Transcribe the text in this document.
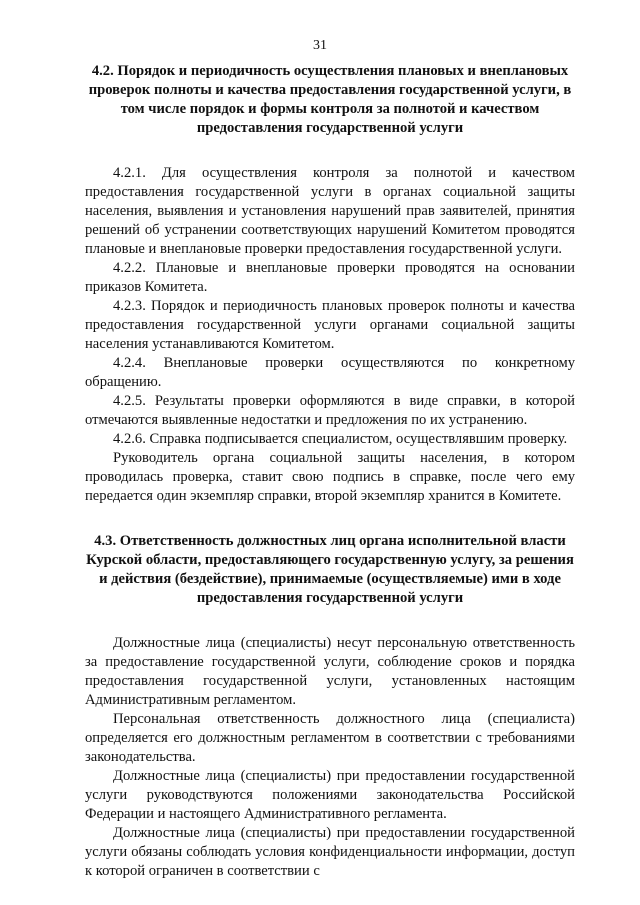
31

4.2. Порядок и периодичность осуществления плановых и внеплановых проверок полноты и качества предоставления государственной услуги, в том числе порядок и формы контроля за полнотой и качеством предоставления государственной услуги

4.2.1. Для осуществления контроля за полнотой и качеством предоставления государственной услуги в органах социальной защиты населения, выявления и установления нарушений прав заявителей, принятия решений об устранении соответствующих нарушений Комитетом проводятся плановые и внеплановые проверки предоставления государственной услуги.

4.2.2. Плановые и внеплановые проверки проводятся на основании приказов Комитета.

4.2.3. Порядок и периодичность плановых проверок полноты и качества предоставления государственной услуги органами социальной защиты населения устанавливаются Комитетом.

4.2.4. Внеплановые проверки осуществляются по конкретному обращению.

4.2.5. Результаты проверки оформляются в виде справки, в которой отмечаются выявленные недостатки и предложения по их устранению.

4.2.6. Справка подписывается специалистом, осуществлявшим проверку.

Руководитель органа социальной защиты населения, в котором проводилась проверка, ставит свою подпись в справке, после чего ему передается один экземпляр справки, второй экземпляр хранится в Комитете.

4.3. Ответственность должностных лиц органа исполнительной власти Курской области, предоставляющего государственную услугу, за решения и действия (бездействие), принимаемые (осуществляемые) ими в ходе предоставления государственной услуги

Должностные лица (специалисты) несут персональную ответственность за предоставление государственной услуги, соблюдение сроков и порядка предоставления государственной услуги, установленных настоящим Административным регламентом.

Персональная ответственность должностного лица (специалиста) определяется его должностным регламентом в соответствии с требованиями законодательства.

Должностные лица (специалисты) при предоставлении государственной услуги руководствуются положениями законодательства Российской Федерации и настоящего Административного регламента.

Должностные лица (специалисты) при предоставлении государственной услуги обязаны соблюдать условия конфиденциальности информации, доступ к которой ограничен в соответствии с
